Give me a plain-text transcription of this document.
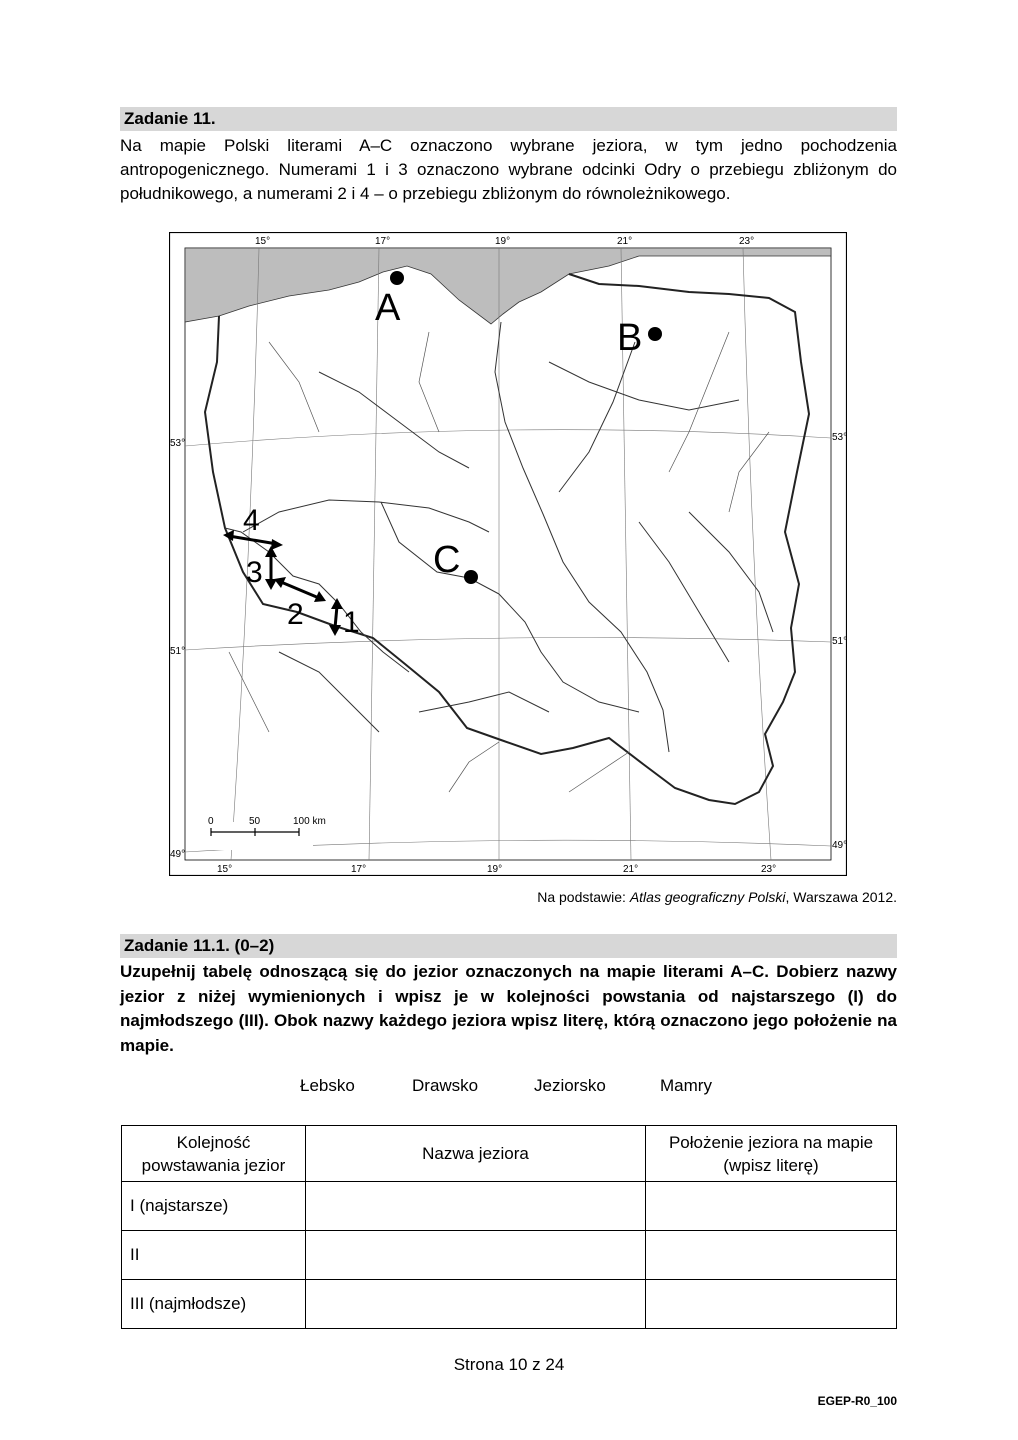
Zadanie 11.
Na mapie Polski literami A–C oznaczono wybrane jeziora, w tym jedno pochodzenia antropogenicznego. Numerami 1 i 3 oznaczono wybrane odcinki Odry o przebiegu zbliżonym do południkowego, a numerami 2 i 4 – o przebiegu zbliżonym do równoleżnikowego.
15°	17°	19°	21°	23°
15°	17°	19°	21°	23°
53°
51°
49°
53°
51°
49°
0	50	100 km
A
B
C
4
3
2 1
Na podstawie: Atlas geograficzny Polski, Warszawa 2012.
Zadanie 11.1. (0–2)
Uzupełnij tabelę odnoszącą się do jezior oznaczonych na mapie literami A–C. Dobierz nazwy jezior z niżej wymienionych i wpisz je w kolejności powstania od najstarszego (I) do najmłodszego (III). Obok nazwy każdego jeziora wpisz literę, którą oznaczono jego położenie na mapie.
Łebsko	Drawsko	Jeziorsko	Mamry
Kolejność powstawania jezior	Nazwa jeziora	Położenie jeziora na mapie (wpisz literę)
I (najstarsze)		
II		
III (najmłodsze)		
Strona 10 z 24
EGEP-R0_100
